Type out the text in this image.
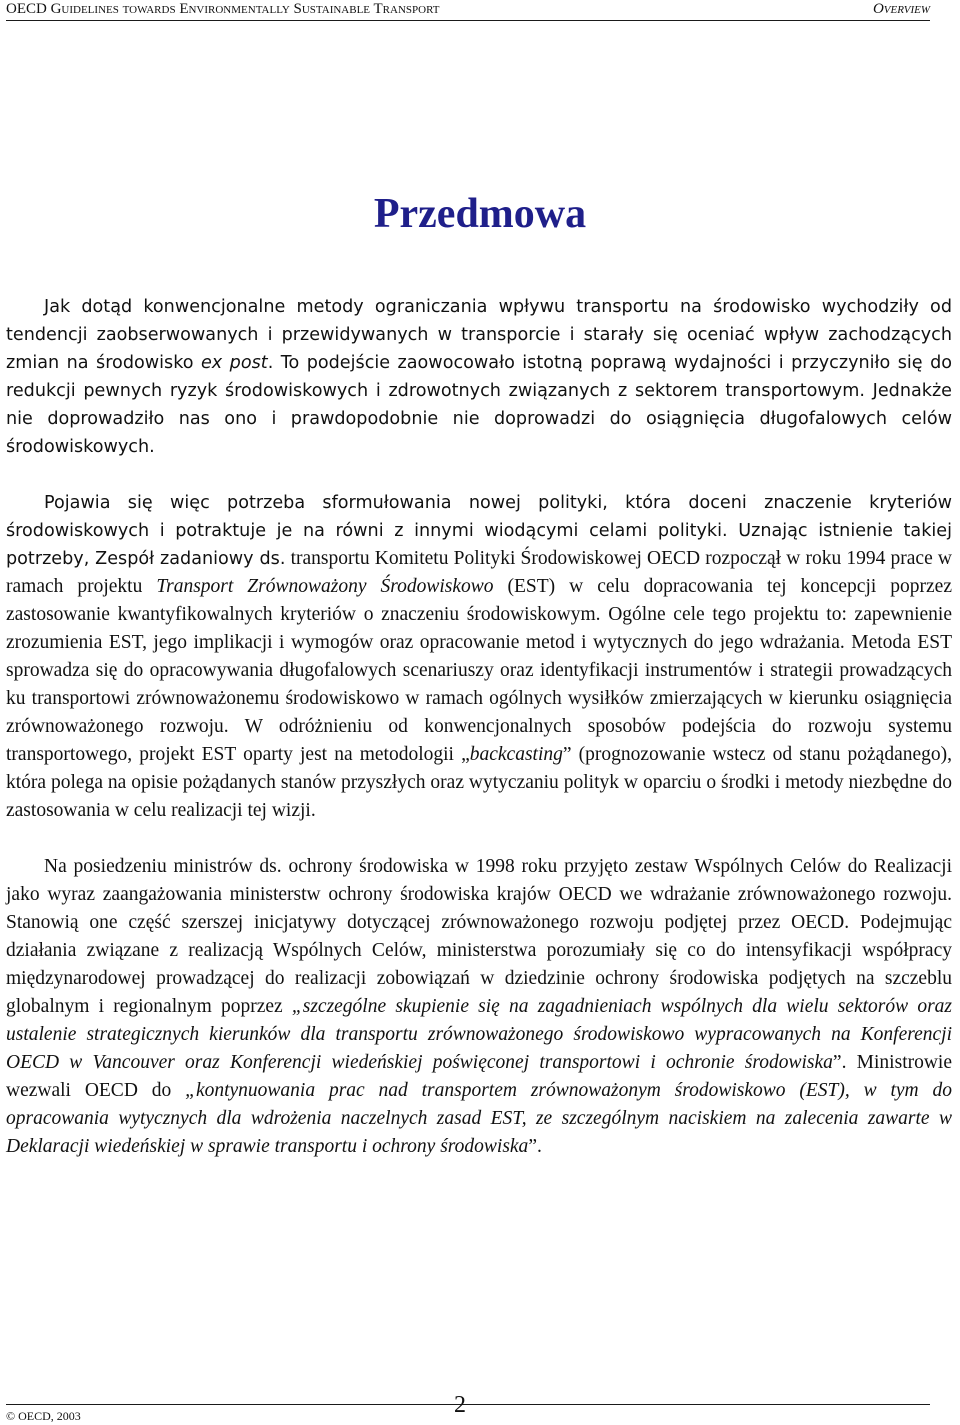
OECD Guidelines towards Environmentally Sustainable Transport	Overview
Przedmowa

Jak dotąd konwencjonalne metody ograniczania wpływu transportu na środowisko wychodziły od tendencji zaobserwowanych i przewidywanych w transporcie i starały się oceniać wpływ zachodzących zmian na środowisko ex post. To podejście zaowocowało istotną poprawą wydajności i przyczyniło się do redukcji pewnych ryzyk środowiskowych i zdrowotnych związanych z sektorem transportowym. Jednakże nie doprowadziło nas ono i prawdopodobnie nie doprowadzi do osiągnięcia długofalowych celów środowiskowych.

Pojawia się więc potrzeba sformułowania nowej polityki, która doceni znaczenie kryteriów środowiskowych i potraktuje je na równi z innymi wiodącymi celami polityki. Uznając istnienie takiej potrzeby, Zespół zadaniowy ds. transportu Komitetu Polityki Środowiskowej OECD rozpoczął w roku 1994 prace w ramach projektu Transport Zrównoważony Środowiskowo (EST) w celu dopracowania tej koncepcji poprzez zastosowanie kwantyfikowalnych kryteriów o znaczeniu środowiskowym. Ogólne cele tego projektu to: zapewnienie zrozumienia EST, jego implikacji i wymogów oraz opracowanie metod i wytycznych do jego wdrażania. Metoda EST sprowadza się do opracowywania długofalowych scenariuszy oraz identyfikacji instrumentów i strategii prowadzących ku transportowi zrównoważonemu środowiskowo w ramach ogólnych wysiłków zmierzających w kierunku osiągnięcia zrównoważonego rozwoju. W odróżnieniu od konwencjonalnych sposobów podejścia do rozwoju systemu transportowego, projekt EST oparty jest na metodologii „backcasting” (prognozowanie wstecz od stanu pożądanego), która polega na opisie pożądanych stanów przyszłych oraz wytyczaniu polityk w oparciu o środki i metody niezbędne do zastosowania w celu realizacji tej wizji.

Na posiedzeniu ministrów ds. ochrony środowiska w 1998 roku przyjęto zestaw Wspólnych Celów do Realizacji jako wyraz zaangażowania ministerstw ochrony środowiska krajów OECD we wdrażanie zrównoważonego rozwoju. Stanowią one część szerszej inicjatywy dotyczącej zrównoważonego rozwoju podjętej przez OECD. Podejmując działania związane z realizacją Wspólnych Celów, ministerstwa porozumiały się co do intensyfikacji współpracy międzynarodowej prowadzącej do realizacji zobowiązań w dziedzinie ochrony środowiska podjętych na szczeblu globalnym i regionalnym poprzez „szczególne skupienie się na zagadnieniach wspólnych dla wielu sektorów oraz ustalenie strategicznych kierunków dla transportu zrównoważonego środowiskowo wypracowanych na Konferencji OECD w Vancouver oraz Konferencji wiedeńskiej poświęconej transportowi i ochronie środowiska”. Ministrowie wezwali OECD do „kontynuowania prac nad transportem zrównoważonym środowiskowo (EST), w tym do opracowania wytycznych dla wdrożenia naczelnych zasad EST, ze szczególnym naciskiem na zalecenia zawarte w Deklaracji wiedeńskiej w sprawie transportu i ochrony środowiska”.

© OECD, 2003	2
